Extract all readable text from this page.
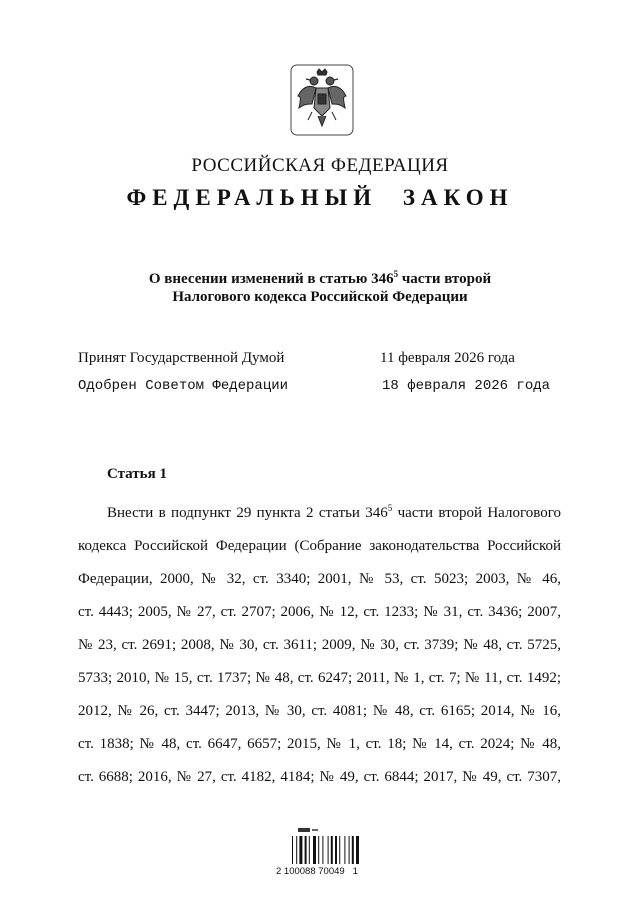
РОССИЙСКАЯ ФЕДЕРАЦИЯ
ФЕДЕРАЛЬНЫЙ ЗАКОН
О внесении изменений в статью $346^5$ части второй
Налогового кодекса Российской Федерации
Принят Государственной Думой	11 февраля 2026 года
Одобрен Советом Федерации	18 февраля 2026 года
Статья 1
Внести в подпункт 29 пункта 2 статьи $346^5$ части второй Налогового
кодекса Российской Федерации (Собрание законодательства Российской
Федерации, 2000, № 32, ст. 3340; 2001, № 53, ст. 5023; 2003, № 46,
ст. 4443; 2005, № 27, ст. 2707; 2006, № 12, ст. 1233; № 31, ст. 3436; 2007,
№ 23, ст. 2691; 2008, № 30, ст. 3611; 2009, № 30, ст. 3739; № 48, ст. 5725,
5733; 2010, № 15, ст. 1737; № 48, ст. 6247; 2011, № 1, ст. 7; № 11, ст. 1492;
2012, № 26, ст. 3447; 2013, № 30, ст. 4081; № 48, ст. 6165; 2014, № 16,
ст. 1838; № 48, ст. 6647, 6657; 2015, № 1, ст. 18; № 14, ст. 2024; № 48,
ст. 6688; 2016, № 27, ст. 4182, 4184; № 49, ст. 6844; 2017, № 49, ст. 7307,
2 100088 70049   1
